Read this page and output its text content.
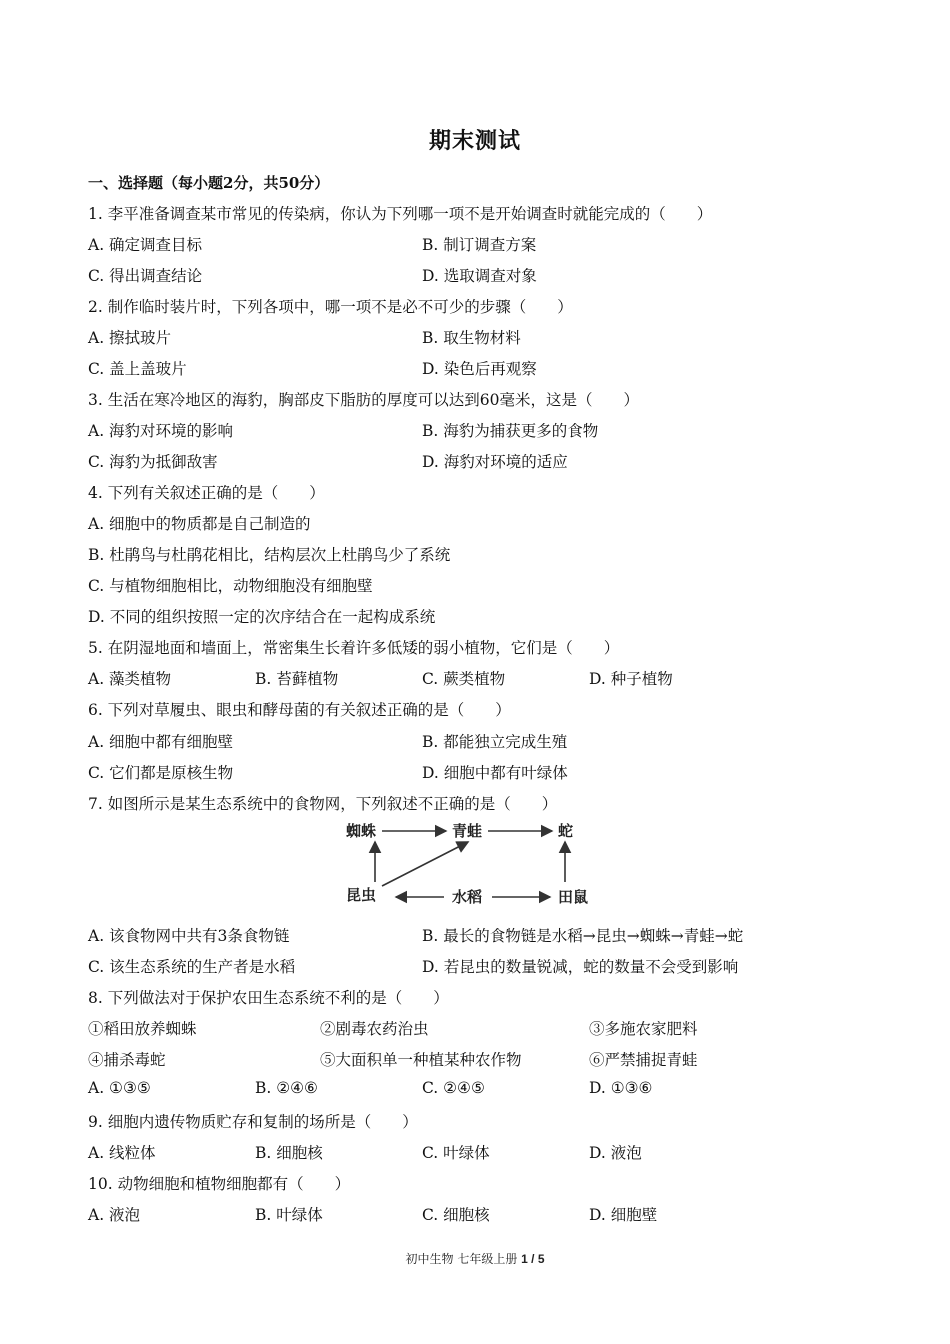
期末测试
一、选择题（每小题2分，共50分）
1. 李平准备调查某市常见的传染病，你认为下列哪一项不是开始调查时就能完成的（　　）
A. 确定调查目标	B. 制订调查方案
C. 得出调查结论	D. 选取调查对象
2. 制作临时装片时，下列各项中，哪一项不是必不可少的步骤（　　）
A. 擦拭玻片	B. 取生物材料
C. 盖上盖玻片	D. 染色后再观察
3. 生活在寒冷地区的海豹，胸部皮下脂肪的厚度可以达到60毫米，这是（　　）
A. 海豹对环境的影响	B. 海豹为捕获更多的食物
C. 海豹为抵御敌害	D. 海豹对环境的适应
4. 下列有关叙述正确的是（　　）
A. 细胞中的物质都是自己制造的
B. 杜鹃鸟与杜鹃花相比，结构层次上杜鹃鸟少了系统
C. 与植物细胞相比，动物细胞没有细胞壁
D. 不同的组织按照一定的次序结合在一起构成系统
5. 在阴湿地面和墙面上，常密集生长着许多低矮的弱小植物，它们是（　　）
A. 藻类植物	B. 苔藓植物	C. 蕨类植物	D. 种子植物
6. 下列对草履虫、眼虫和酵母菌的有关叙述正确的是（　　）
A. 细胞中都有细胞壁	B. 都能独立完成生殖
C. 它们都是原核生物	D. 细胞中都有叶绿体
7. 如图所示是某生态系统中的食物网，下列叙述不正确的是（　　）
蜘蛛	青蛙	蛇
昆虫	水稻	田鼠
A. 该食物网中共有3条食物链	B. 最长的食物链是水稻→昆虫→蜘蛛→青蛙→蛇
C. 该生态系统的生产者是水稻	D. 若昆虫的数量锐减，蛇的数量不会受到影响
8. 下列做法对于保护农田生态系统不利的是（　　）
①稻田放养蜘蛛	②剧毒农药治虫	③多施农家肥料
④捕杀毒蛇	⑤大面积单一种植某种农作物	⑥严禁捕捉青蛙
A. ①③⑤	B. ②④⑥	C. ②④⑤	D. ①③⑥
9. 细胞内遗传物质贮存和复制的场所是（　　）
A. 线粒体	B. 细胞核	C. 叶绿体	D. 液泡
10. 动物细胞和植物细胞都有（　　）
A. 液泡	B. 叶绿体	C. 细胞核	D. 细胞壁
初中生物 七年级上册 1 / 5
